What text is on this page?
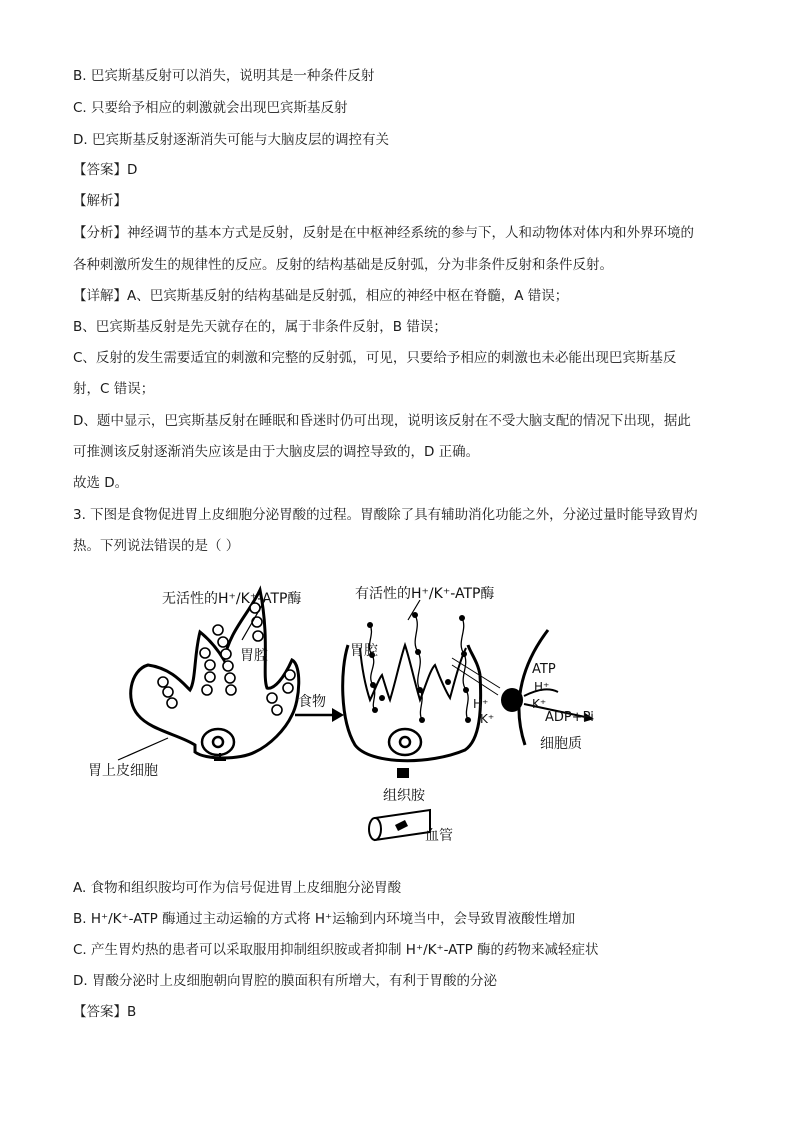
B. 巴宾斯基反射可以消失，说明其是一种条件反射
C. 只要给予相应的刺激就会出现巴宾斯基反射
D. 巴宾斯基反射逐渐消失可能与大脑皮层的调控有关
【答案】D
【解析】
【分析】神经调节的基本方式是反射，反射是在中枢神经系统的参与下，人和动物体对体内和外界环境的
各种刺激所发生的规律性的反应。反射的结构基础是反射弧，分为非条件反射和条件反射。
【详解】A、巴宾斯基反射的结构基础是反射弧，相应的神经中枢在脊髓，A 错误；
B、巴宾斯基反射是先天就存在的，属于非条件反射，B 错误；
C、反射的发生需要适宜的刺激和完整的反射弧，可见，只要给予相应的刺激也未必能出现巴宾斯基反
射，C 错误；
D、题中显示，巴宾斯基反射在睡眠和昏迷时仍可出现，说明该反射在不受大脑支配的情况下出现，据此
可推测该反射逐渐消失应该是由于大脑皮层的调控导致的，D 正确。
故选 D。
3. 下图是食物促进胃上皮细胞分泌胃酸的过程。胃酸除了具有辅助消化功能之外，分泌过量时能导致胃灼
热。下列说法错误的是（ ）
无活性的H⁺/K⁺-ATP酶
胃腔
胃上皮细胞
食物
有活性的H⁺/K⁺-ATP酶
胃腔
组织胺
血管
ATP
H⁺
K⁺
H⁺
K⁺	ADP+Pi
细胞质
A. 食物和组织胺均可作为信号促进胃上皮细胞分泌胃酸
B. H⁺/K⁺-ATP 酶通过主动运输的方式将 H⁺运输到内环境当中，会导致胃液酸性增加
C. 产生胃灼热的患者可以采取服用抑制组织胺或者抑制 H⁺/K⁺-ATP 酶的药物来减轻症状
D. 胃酸分泌时上皮细胞朝向胃腔的膜面积有所增大，有利于胃酸的分泌
【答案】B
